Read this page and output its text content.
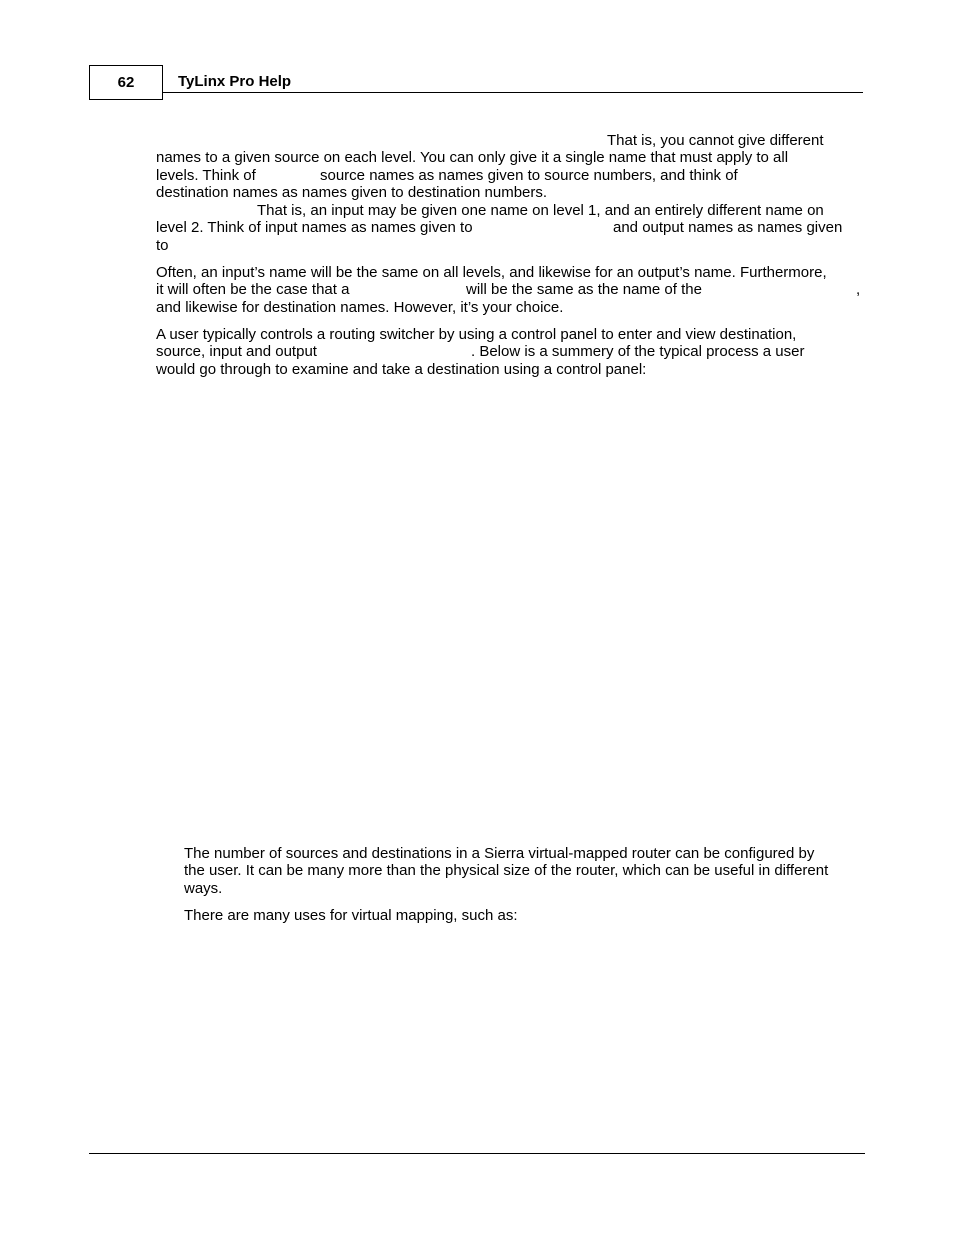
62	TyLinx Pro Help
That is, you cannot give different
names to a given source on each level. You can only give it a single name that must apply to all
levels. Think of	source names as names given to source numbers, and think of
destination names as names given to destination numbers.
That is, an input may be given one name on level 1, and an entirely different name on
level 2. Think of input names as names given to	and output names as names given
to
Often, an input’s name will be the same on all levels, and likewise for an output’s name. Furthermore,
it will often be the case that a	will be the same as the name of the	,
and likewise for destination names. However, it’s your choice.
A user typically controls a routing switcher by using a control panel to enter and view destination,
source, input and output	. Below is a summery of the typical process a user
would go through to examine and take a destination using a control panel:
The number of sources and destinations in a Sierra virtual-mapped router can be configured by
the user. It can be many more than the physical size of the router, which can be useful in different
ways.
There are many uses for virtual mapping, such as:
